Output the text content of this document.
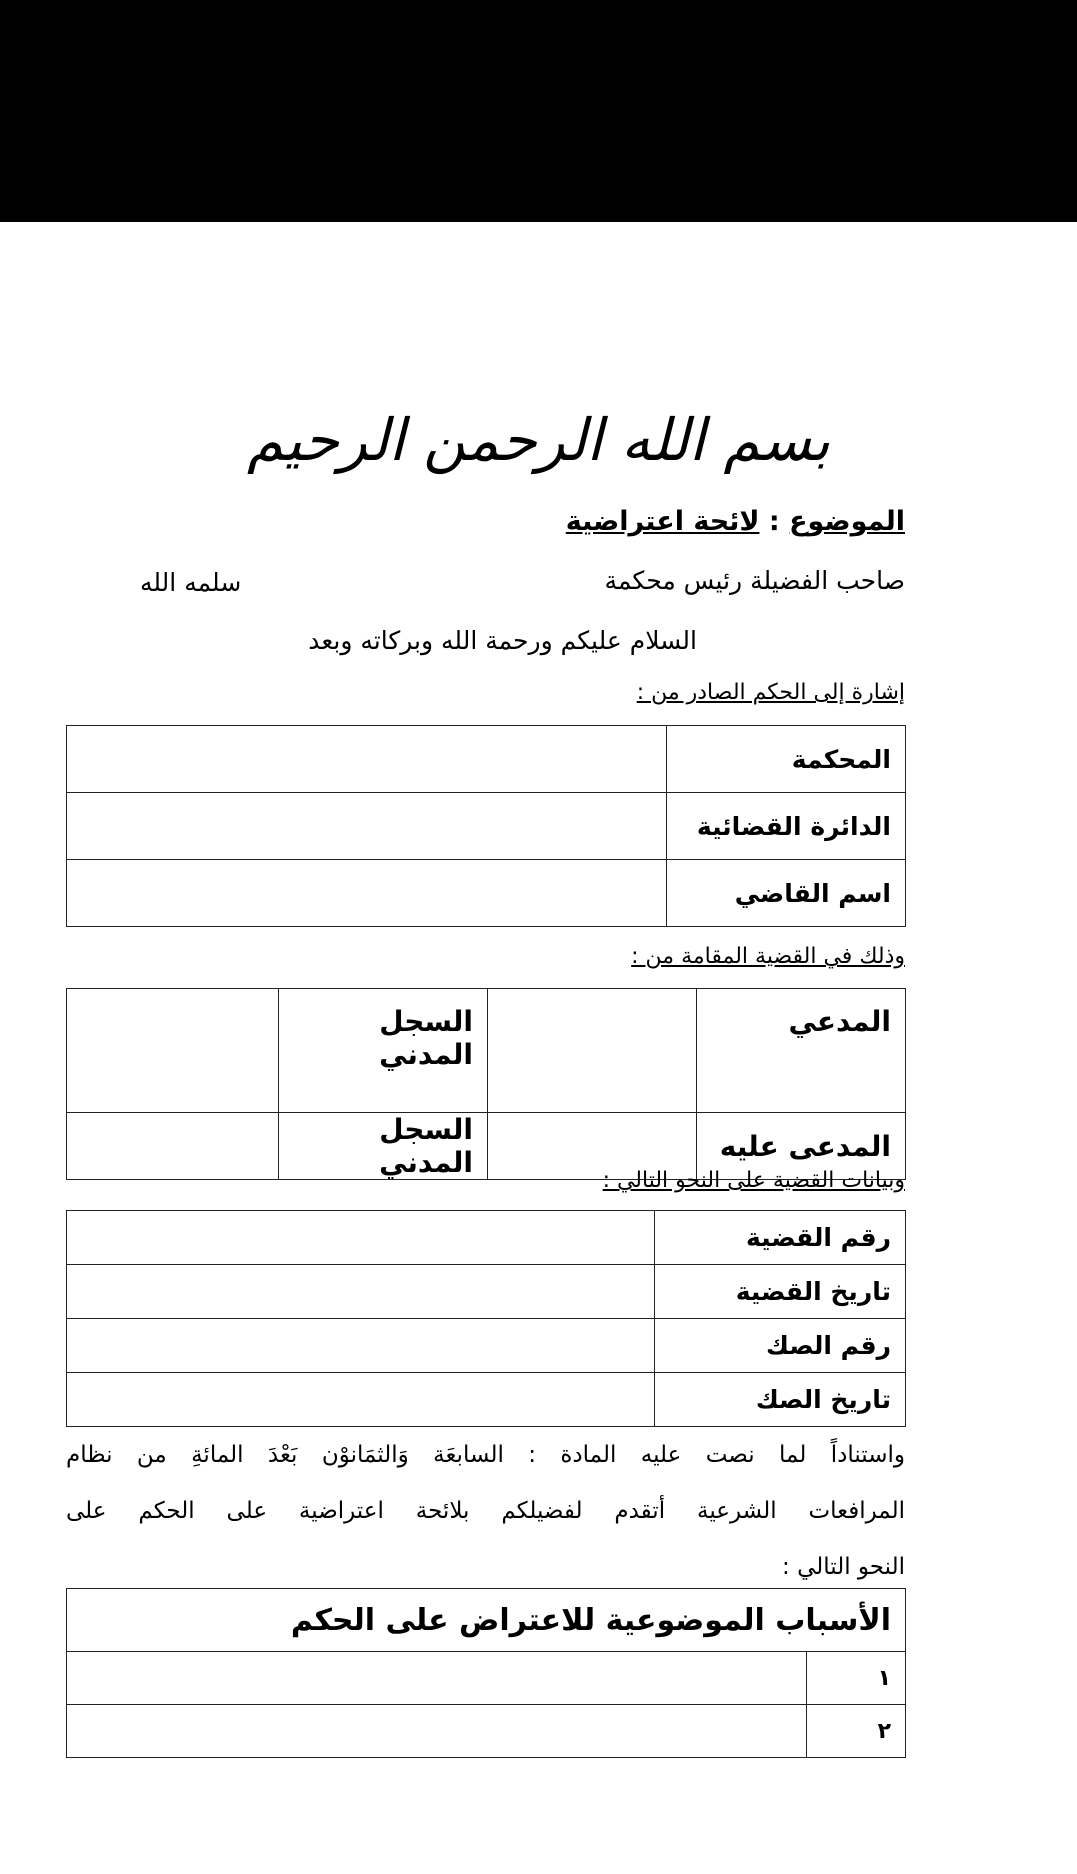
بسم الله الرحمن الرحيم
الموضوع : لائحة اعتراضية
صاحب الفضيلة رئيس محكمة
سلمه الله
السلام عليكم ورحمة الله وبركاته وبعد
إشارة إلى الحكم الصادر من :
المحكمة	
الدائرة القضائية	
اسم القاضي	
وذلك في القضية المقامة من :
المدعي		السجل المدني	
المدعى عليه		السجل المدني	
وبيانات القضية على النحو التالي :
رقم القضية	
تاريخ القضية	
رقم الصك	
تاريخ الصك	
واستناداً لما نصت عليه المادة : السابعَة وَالثمَانوْن بَعْدَ المائةِ من نظام
المرافعات الشرعية أتقدم لفضيلكم بلائحة اعتراضية على الحكم على
النحو التالي :
الأسباب الموضوعية للاعتراض على الحكم	
١	
٢	
